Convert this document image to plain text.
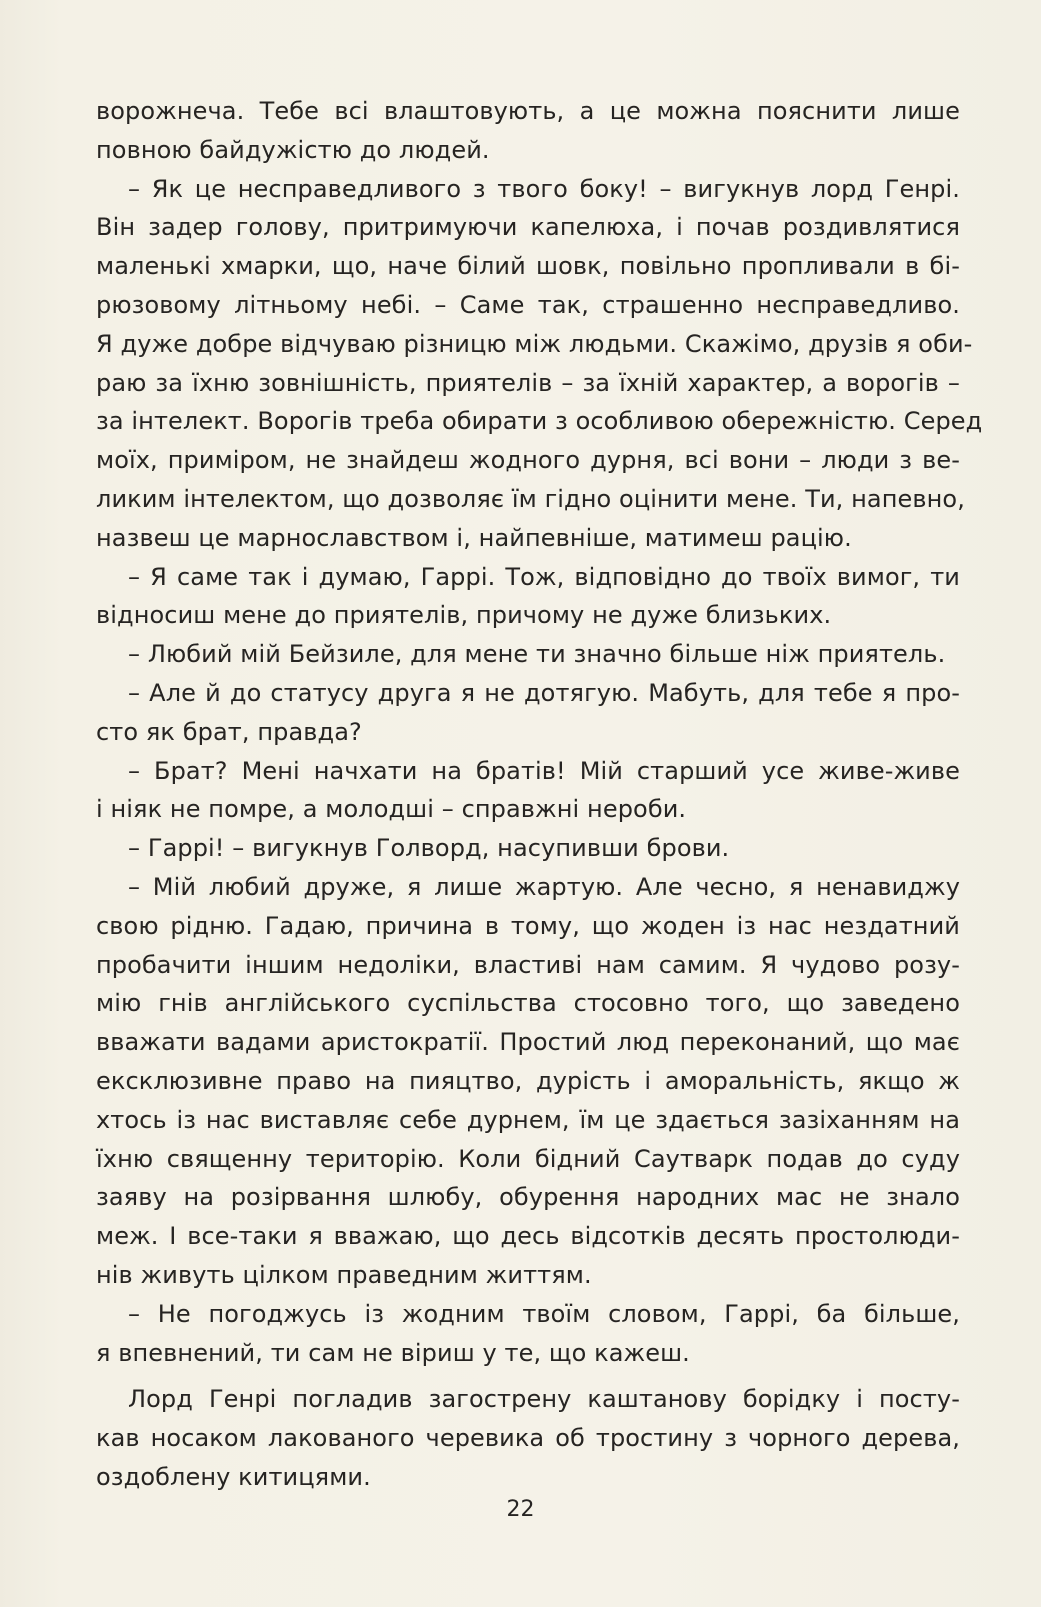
ворожнеча. Тебе всі влаштовують, а це можна пояснити лише
повною байдужістю до людей.
– Як це несправедливого з твого боку! – вигукнув лорд Генрі.
Він задер голову, притримуючи капелюха, і почав роздивлятися
маленькі хмарки, що, наче білий шовк, повільно пропливали в бі-
рюзовому літньому небі. – Саме так, страшенно несправедливо.
Я дуже добре відчуваю різницю між людьми. Скажімо, друзів я оби-
раю за їхню зовнішність, приятелів – за їхній характер, а ворогів –
за інтелект. Ворогів треба обирати з особливою обережністю. Серед
моїх, приміром, не знайдеш жодного дурня, всі вони – люди з ве-
ликим інтелектом, що дозволяє їм гідно оцінити мене. Ти, напевно,
назвеш це марнославством і, найпевніше, матимеш рацію.
– Я саме так і думаю, Гаррі. Тож, відповідно до твоїх вимог, ти
відносиш мене до приятелів, причому не дуже близьких.
– Любий мій Бейзиле, для мене ти значно більше ніж приятель.
– Але й до статусу друга я не дотягую. Мабуть, для тебе я про-
сто як брат, правда?
– Брат? Мені начхати на братів! Мій старший усе живе-живе
і ніяк не помре, а молодші – справжні нероби.
– Гаррі! – вигукнув Голворд, насупивши брови.
– Мій любий друже, я лише жартую. Але чесно, я ненавиджу
свою рідню. Гадаю, причина в тому, що жоден із нас нездатний
пробачити іншим недоліки, властиві нам самим. Я чудово розу-
мію гнів англійського суспільства стосовно того, що заведено
вважати вадами аристократії. Простий люд переконаний, що має
ексклюзивне право на пияцтво, дурість і аморальність, якщо ж
хтось із нас виставляє себе дурнем, їм це здається зазіханням на
їхню священну територію. Коли бідний Саутварк подав до суду
заяву на розірвання шлюбу, обурення народних мас не знало
меж. І все-таки я вважаю, що десь відсотків десять простолюди-
нів живуть цілком праведним життям.
– Не погоджусь із жодним твоїм словом, Гаррі, ба більше,
я впевнений, ти сам не віриш у те, що кажеш.
Лорд Генрі погладив загострену каштанову борідку і посту-
кав носаком лакованого черевика об тростину з чорного дерева,
оздоблену китицями.
22
